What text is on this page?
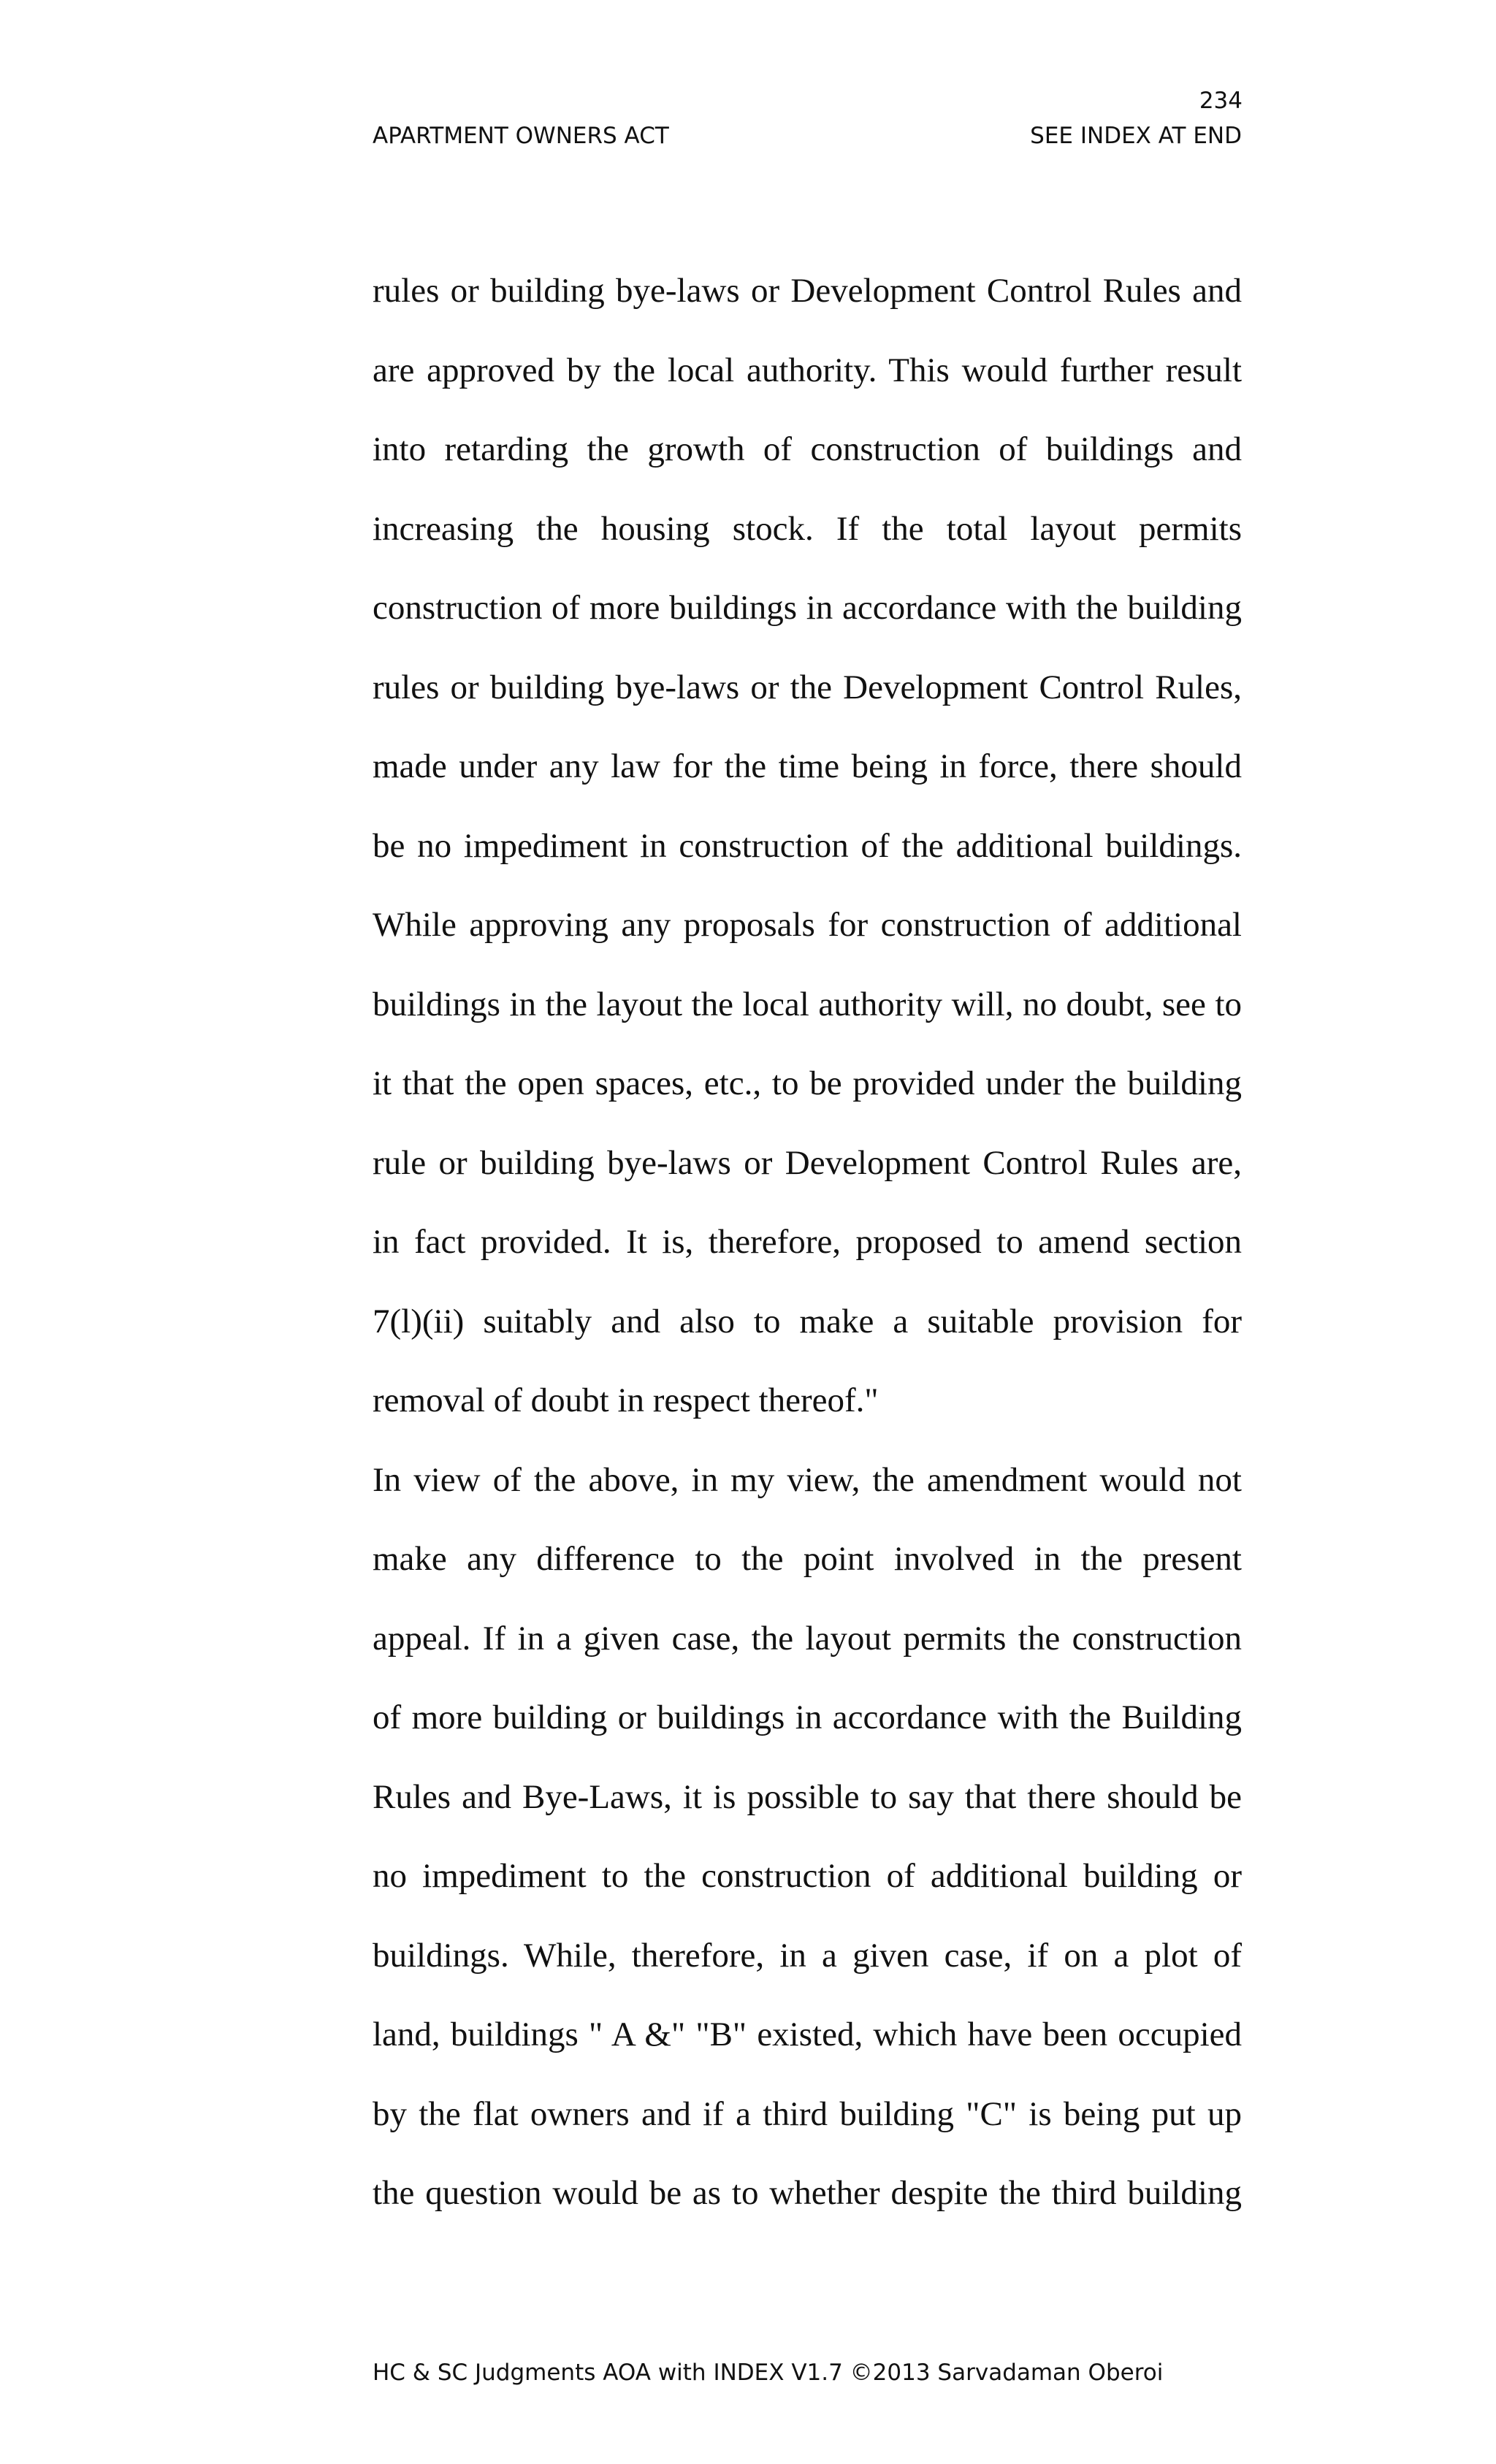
234
APARTMENT OWNERS ACT	SEE INDEX AT END

rules or building bye-laws or Development Control Rules and

are approved by the local authority. This would further result

into retarding the growth of construction of buildings and

increasing the housing stock. If the total layout permits

construction of more buildings in accordance with the building

rules or building bye-laws or the Development Control Rules,

made under any law for the time being in force, there should

be no impediment in construction of the additional buildings.

While approving any proposals for construction of additional

buildings in the layout the local authority will, no doubt, see to

it that the open spaces, etc., to be provided under the building

rule or building bye-laws or Development Control Rules are,

in fact provided. It is, therefore, proposed to amend section

7(l)(ii) suitably and also to make a suitable provision for

removal of doubt in respect thereof."

In view of the above, in my view, the amendment would not

make any difference to the point involved in the present

appeal. If in a given case, the layout permits the construction

of more building or buildings in accordance with the Building

Rules and Bye-Laws, it is possible to say that there should be

no impediment to the construction of additional building or

buildings. While, therefore, in a given case, if on a plot of

land, buildings " A &" "B" existed, which have been occupied

by the flat owners and if a third building "C" is being put up

the question would be as to whether despite the third building

HC & SC Judgments AOA with INDEX V1.7 ©2013 Sarvadaman Oberoi
